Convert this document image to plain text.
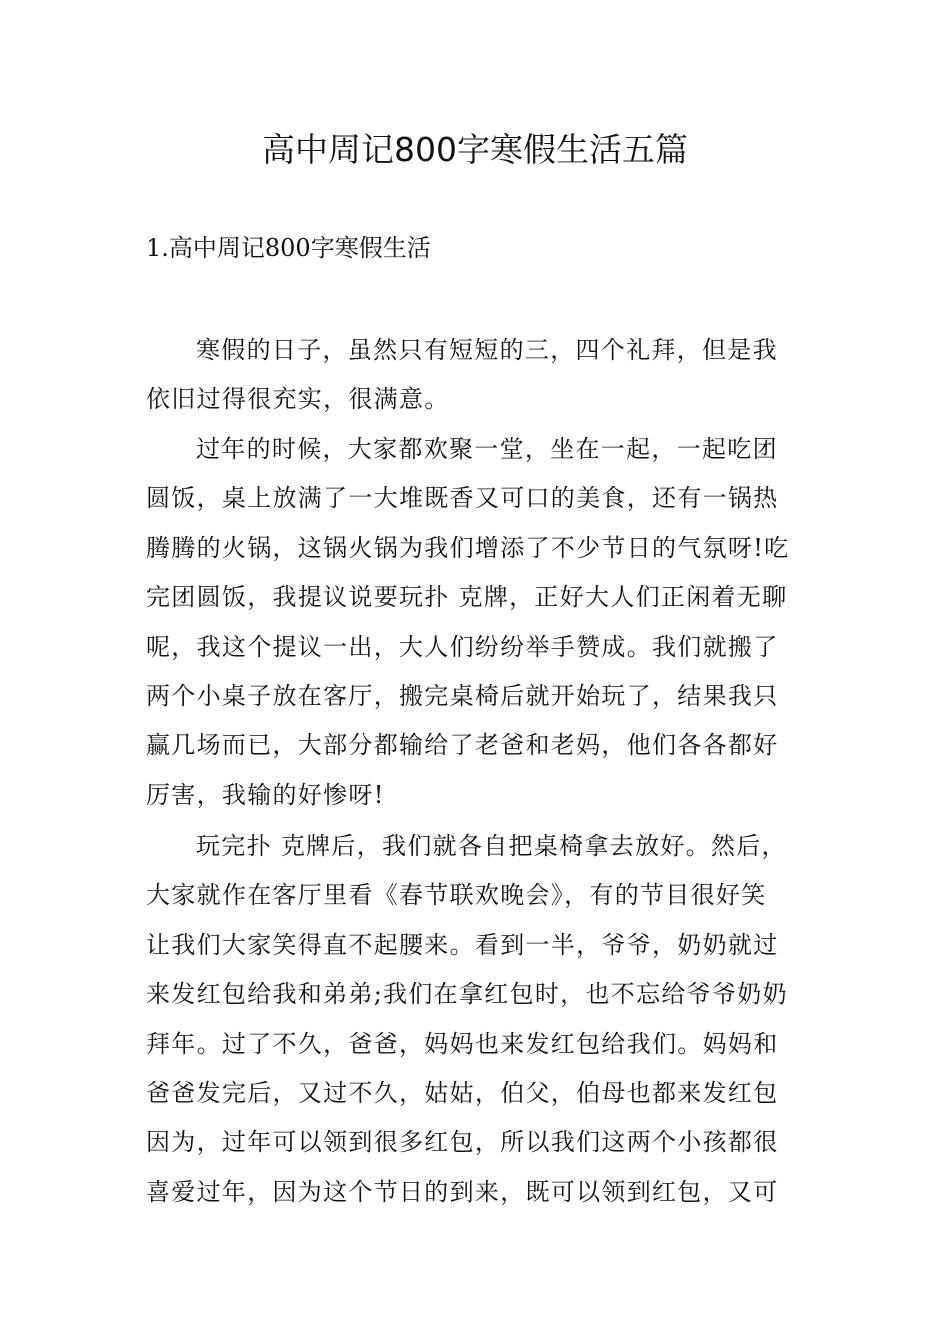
高中周记800字寒假生活五篇
1.高中周记800字寒假生活
寒假的日子，虽然只有短短的三，四个礼拜，但是我
依旧过得很充实，很满意。
过年的时候，大家都欢聚一堂，坐在一起，一起吃团
圆饭，桌上放满了一大堆既香又可口的美食，还有一锅热
腾腾的火锅，这锅火锅为我们增添了不少节日的气氛呀!吃
完团圆饭，我提议说要玩扑 克牌，正好大人们正闲着无聊
呢，我这个提议一出，大人们纷纷举手赞成。我们就搬了
两个小桌子放在客厅，搬完桌椅后就开始玩了，结果我只
赢几场而已，大部分都输给了老爸和老妈，他们各各都好
厉害，我输的好惨呀!
玩完扑 克牌后，我们就各自把桌椅拿去放好。然后，
大家就作在客厅里看《春节联欢晚会》，有的节目很好笑
让我们大家笑得直不起腰来。看到一半，爷爷，奶奶就过
来发红包给我和弟弟;我们在拿红包时，也不忘给爷爷奶奶
拜年。过了不久，爸爸，妈妈也来发红包给我们。妈妈和
爸爸发完后，又过不久，姑姑，伯父，伯母也都来发红包
因为，过年可以领到很多红包，所以我们这两个小孩都很
喜爱过年，因为这个节日的到来，既可以领到红包，又可
